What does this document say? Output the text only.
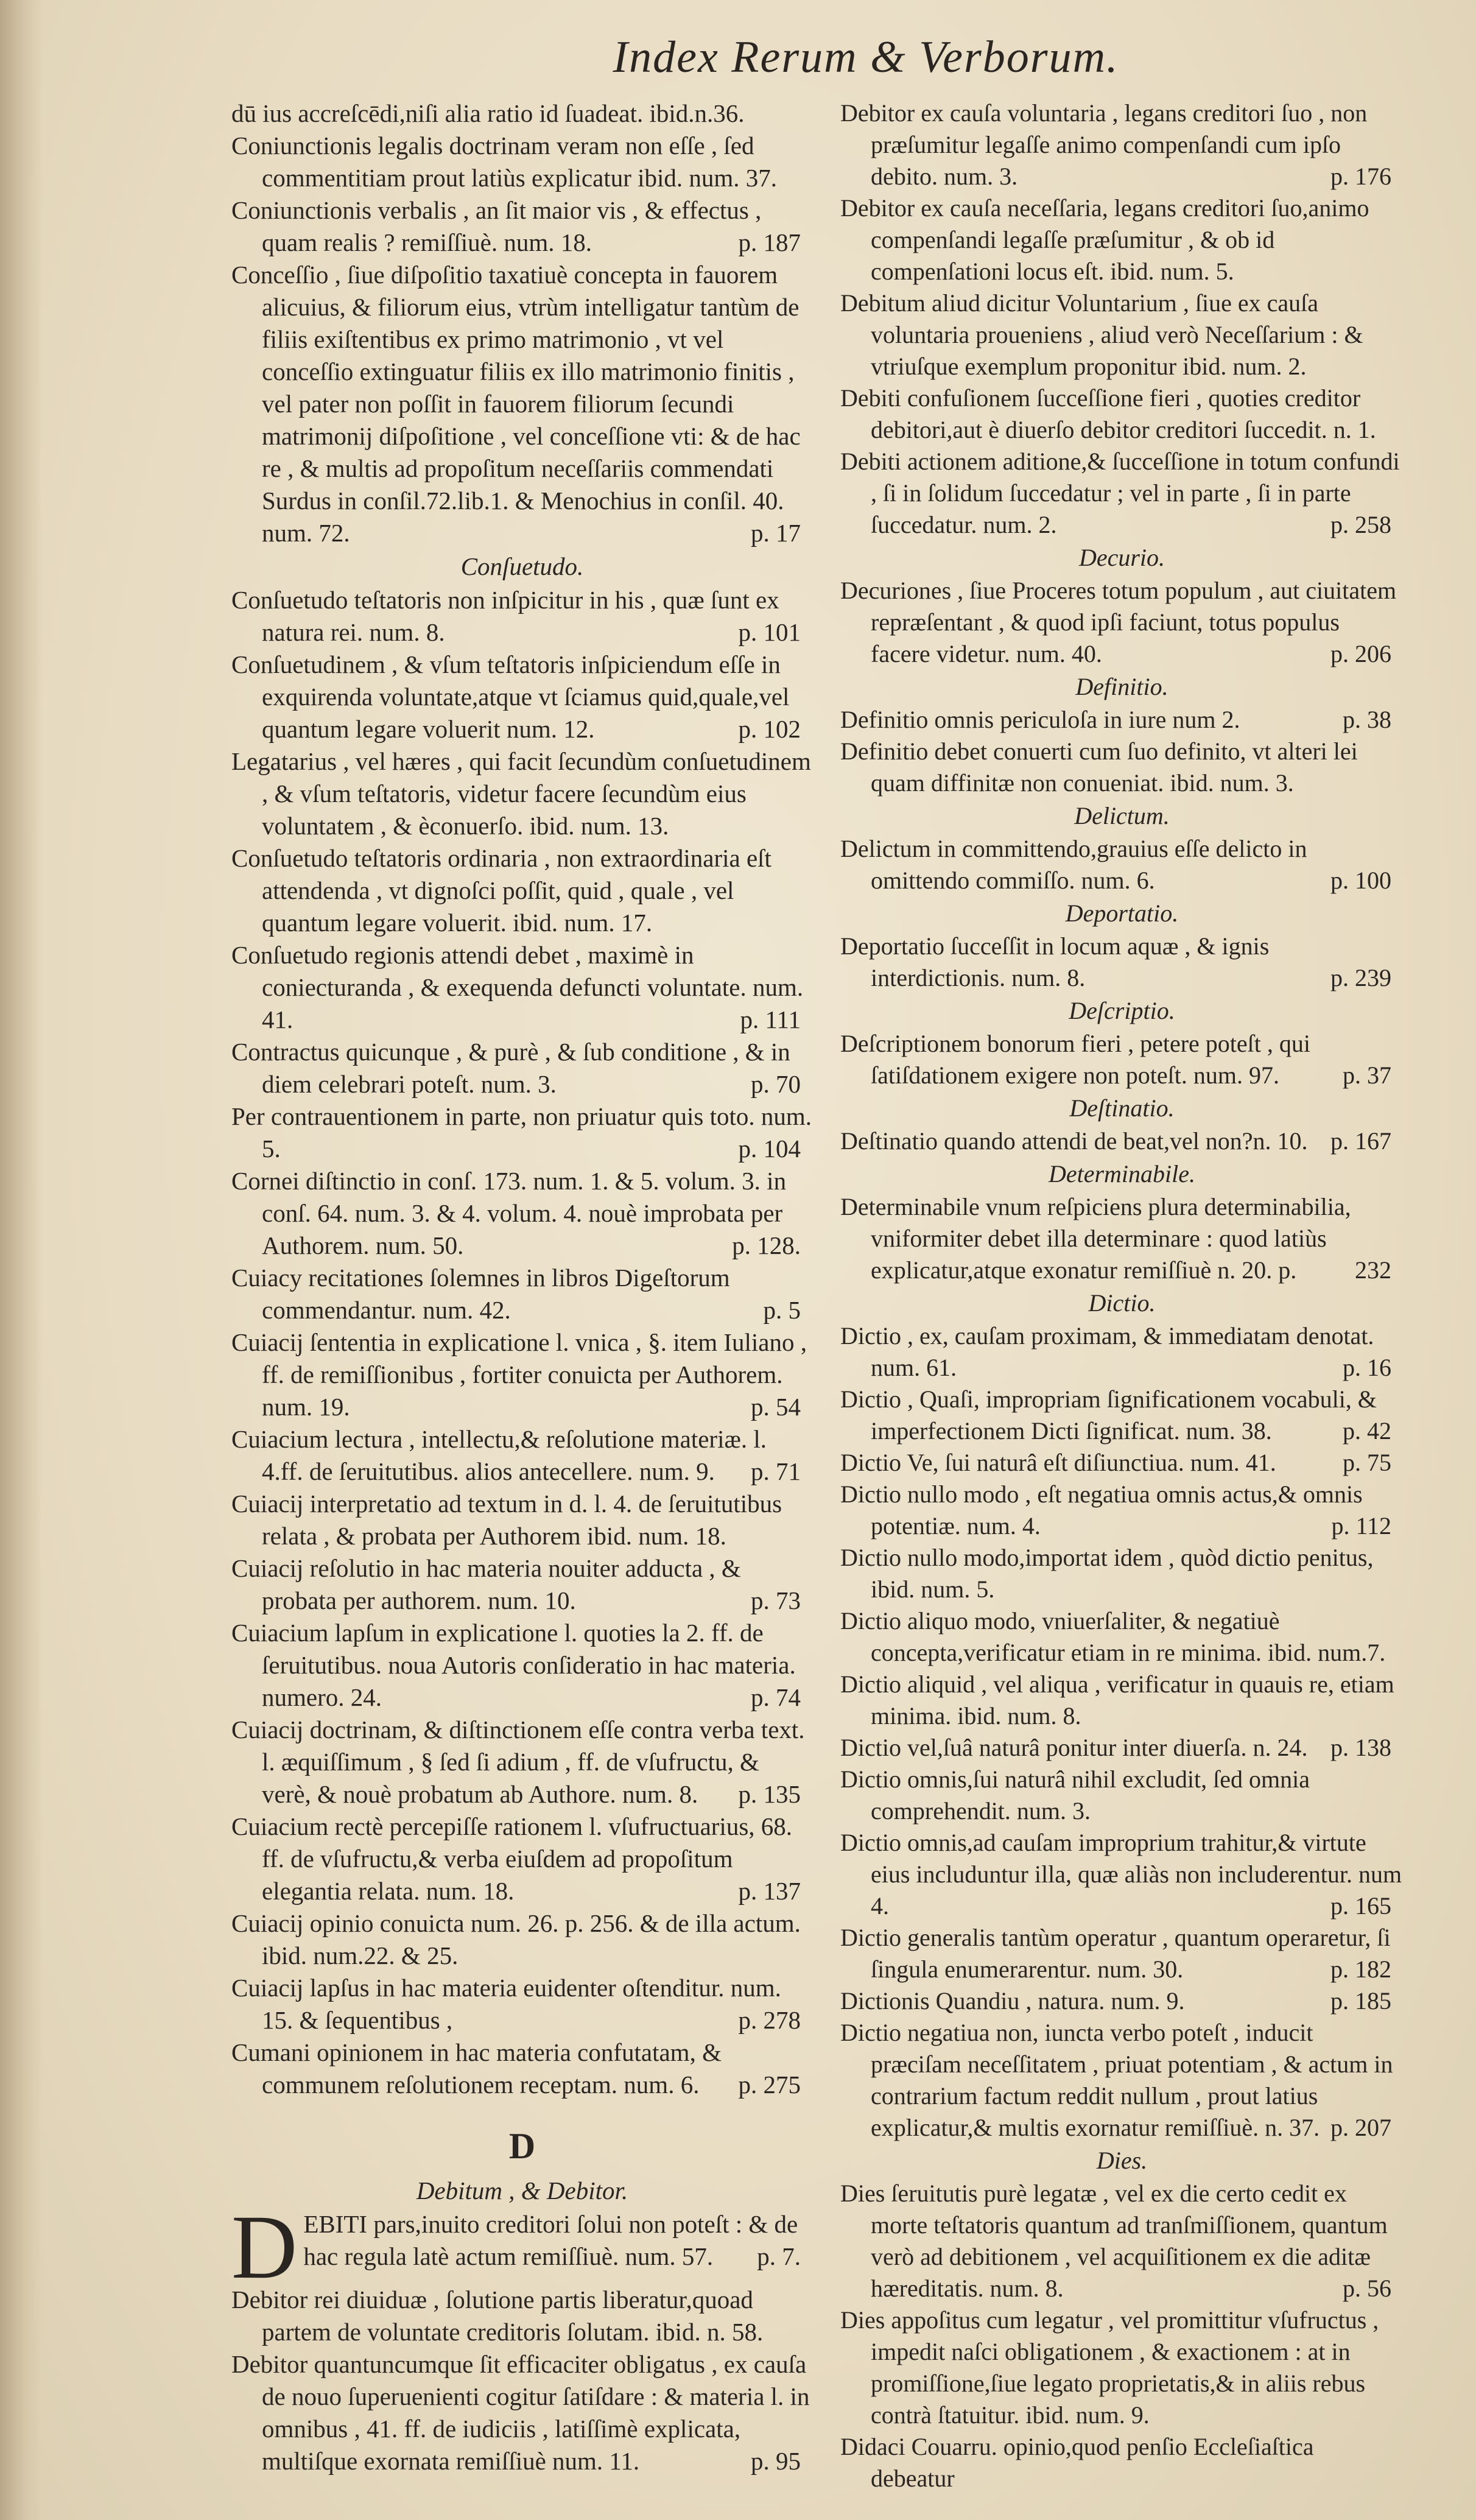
Index Rerum & Verborum.

dū ius accreſcēdi,niſi alia ratio id ſuadeat. ibid.n.36.

Coniunctionis legalis doctrinam veram non eſſe , ſed commentitiam prout latiùs explicatur ibid. num. 37.

Coniunctionis verbalis , an ſit maior vis , & effectus , quam realis ? remiſſiuè. num. 18.	p. 187

Conceſſio , ſiue diſpoſitio taxatiuè concepta in fauorem alicuius, & filiorum eius, vtrùm intelligatur tantùm de filiis exiſtentibus ex primo matrimonio , vt vel conceſſio extinguatur filiis ex illo matrimonio finitis , vel pater non poſſit in fauorem filiorum ſecundi matrimonij diſpoſitione , vel conceſſione vti: & de hac re , & multis ad propoſitum neceſſariis commendati Surdus in conſil.72.lib.1. & Menochius in conſil. 40. num. 72.	p. 17

Conſuetudo.

Conſuetudo teſtatoris non inſpicitur in his , quæ ſunt ex natura rei. num. 8.	p. 101

Conſuetudinem , & vſum teſtatoris inſpiciendum eſſe in exquirenda voluntate,atque vt ſciamus quid,quale,vel quantum legare voluerit num. 12.	p. 102

Legatarius , vel hæres , qui facit ſecundùm conſuetudinem , & vſum teſtatoris, videtur facere ſecundùm eius voluntatem , & èconuerſo. ibid. num. 13.

Conſuetudo teſtatoris ordinaria , non extraordinaria eſt attendenda , vt dignoſci poſſit, quid , quale , vel quantum legare voluerit. ibid. num. 17.

Conſuetudo regionis attendi debet , maximè in coniecturanda , & exequenda defuncti voluntate. num. 41.	p. 111

Contractus quicunque , & purè , & ſub conditione , & in diem celebrari poteſt. num. 3.	p. 70

Per contrauentionem in parte, non priuatur quis toto. num. 5.	p. 104

Cornei diſtinctio in conſ. 173. num. 1. & 5. volum. 3. in conſ. 64. num. 3. & 4. volum. 4. nouè improbata per Authorem. num. 50.	p. 128.

Cuiacy recitationes ſolemnes in libros Digeſtorum commendantur. num. 42.	p. 5

Cuiacij ſententia in explicatione l. vnica , §. item Iuliano , ff. de remiſſionibus , fortiter conuicta per Authorem. num. 19.	p. 54

Cuiacium lectura , intellectu,& reſolutione materiæ. l. 4.ff. de ſeruitutibus. alios antecellere. num. 9. p. 71

Cuiacij interpretatio ad textum in d. l. 4. de ſeruitutibus relata , & probata per Authorem ibid. num. 18.

Cuiacij reſolutio in hac materia nouiter adducta , & probata per authorem. num. 10.	p. 73

Cuiacium lapſum in explicatione l. quoties la 2. ff. de ſeruitutibus. noua Autoris conſideratio in hac materia. numero. 24.	p. 74

Cuiacij doctrinam, & diſtinctionem eſſe contra verba text. l. æquiſſimum , § ſed ſi adium , ff. de vſufructu, & verè, & nouè probatum ab Authore. num. 8. p. 135

Cuiacium rectè percepiſſe rationem l. vſufructuarius, 68. ff. de vſufructu,& verba eiuſdem ad propoſitum elegantia relata. num. 18.	p. 137

Cuiacij opinio conuicta num. 26. p. 256. & de illa actum. ibid. num.22. & 25.

Cuiacij lapſus in hac materia euidenter oſtenditur. num. 15. & ſequentibus ,	p. 278

Cumani opinionem in hac materia confutatam, & communem reſolutionem receptam. num. 6. p. 275

D
Debitum , & Debitor.

DEBITI pars,inuito creditori ſolui non poteſt : & de hac regula latè actum remiſſiuè. num. 57. p. 7.

Debitor rei diuiduæ , ſolutione partis liberatur,quoad partem de voluntate creditoris ſolutam. ibid. n. 58.

Debitor quantuncumque ſit efficaciter obligatus , ex cauſa de nouo ſuperuenienti cogitur ſatiſdare : & materia l. in omnibus , 41. ff. de iudiciis , latiſſimè explicata, multiſque exornata remiſſiuè num. 11.	p. 95

Debitor ex cauſa voluntaria , legans creditori ſuo , non præſumitur legaſſe animo compenſandi cum ipſo debito. num. 3.	p. 176

Debitor ex cauſa neceſſaria, legans creditori ſuo,animo compenſandi legaſſe præſumitur , & ob id compenſationi locus eſt. ibid. num. 5.

Debitum aliud dicitur Voluntarium , ſiue ex cauſa voluntaria proueniens , aliud verò Neceſſarium : & vtriuſque exemplum proponitur ibid. num. 2.

Debiti confuſionem ſucceſſione fieri , quoties creditor debitori,aut è diuerſo debitor creditori ſuccedit. n. 1.

Debiti actionem aditione,& ſucceſſione in totum confundi , ſi in ſolidum ſuccedatur ; vel in parte , ſi in parte ſuccedatur. num. 2.	p. 258

Decurio.

Decuriones , ſiue Proceres totum populum , aut ciuitatem repræſentant , & quod ipſi faciunt, totus populus facere videtur. num. 40.	p. 206

Definitio.

Definitio omnis periculoſa in iure num 2.	p. 38

Definitio debet conuerti cum ſuo definito, vt alteri lei quam diffinitæ non conueniat. ibid. num. 3.

Delictum.

Delictum in committendo,grauius eſſe delicto in omittendo commiſſo. num. 6.	p. 100

Deportatio.

Deportatio ſucceſſit in locum aquæ , & ignis interdictionis. num. 8.	p. 239

Deſcriptio.

Deſcriptionem bonorum fieri , petere poteſt , qui ſatiſdationem exigere non poteſt. num. 97.	p. 37

Deſtinatio.

Deſtinatio quando attendi de beat,vel non?n. 10. p. 167

Determinabile.

Determinabile vnum reſpiciens plura determinabilia, vniformiter debet illa determinare : quod latiùs explicatur,atque exonatur remiſſiuè n. 20. p. 232

Dictio.

Dictio , ex, cauſam proximam, & immediatam denotat. num. 61.	p. 16

Dictio , Quaſi, impropriam ſignificationem vocabuli, & imperfectionem Dicti ſignificat. num. 38.	p. 42

Dictio Ve, ſui naturâ eſt diſiunctiua. num. 41.	p. 75

Dictio nullo modo , eſt negatiua omnis actus,& omnis potentiæ. num. 4.	p. 112

Dictio nullo modo,importat idem , quòd dictio penitus, ibid. num. 5.

Dictio aliquo modo, vniuerſaliter, & negatiuè concepta,verificatur etiam in re minima. ibid. num.7.

Dictio aliquid , vel aliqua , verificatur in quauis re, etiam minima. ibid. num. 8.

Dictio vel,ſuâ naturâ ponitur inter diuerſa. n. 24. p. 138

Dictio omnis,ſui naturâ nihil excludit, ſed omnia comprehendit. num. 3.

Dictio omnis,ad cauſam improprium trahitur,& virtute eius includuntur illa, quæ aliàs non includerentur. num 4.	p. 165

Dictio generalis tantùm operatur , quantum operaretur, ſi ſingula enumerarentur. num. 30.	p. 182

Dictionis Quandiu , natura. num. 9.	p. 185

Dictio negatiua non, iuncta verbo poteſt , inducit præciſam neceſſitatem , priuat potentiam , & actum in contrarium factum reddit nullum , prout latius explicatur,& multis exornatur remiſſiuè. n. 37. p. 207

Dies.

Dies ſeruitutis purè legatæ , vel ex die certo cedit ex morte teſtatoris quantum ad tranſmiſſionem, quantum verò ad debitionem , vel acquiſitionem ex die aditæ hæreditatis. num. 8.	p. 56

Dies appoſitus cum legatur , vel promittitur vſufructus , impedit naſci obligationem , & exactionem : at in promiſſione,ſiue legato proprietatis,& in aliis rebus contrà ſtatuitur. ibid. num. 9.

Didaci Couarru. opinio,quod penſio Eccleſiaſtica debeatur
